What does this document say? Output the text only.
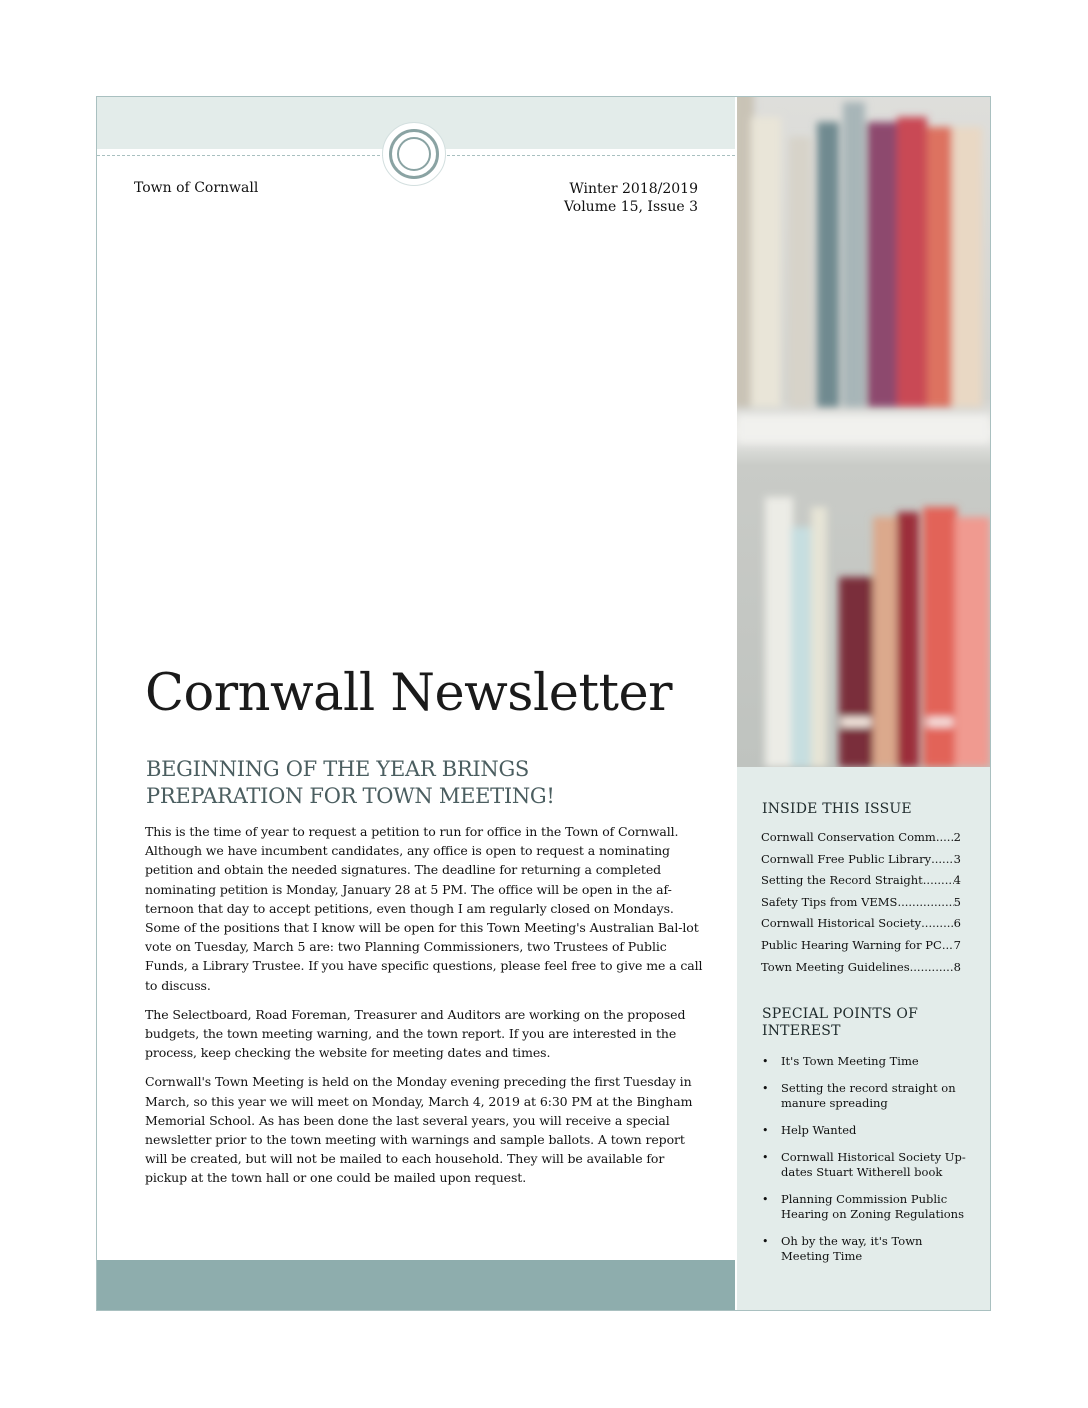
Town of Cornwall	Winter 2018/2019
Volume 15, Issue 3
Cornwall Newsletter
BEGINNING OF THE YEAR BRINGS
PREPARATION FOR TOWN MEETING!

This is the time of year to request a petition to run for office in the Town of Cornwall. Although we have incumbent candidates, any office is open to request a nominating petition and obtain the needed signatures. The deadline for returning a completed nominating petition is Monday, January 28 at 5 PM. The office will be open in the af-ternoon that day to accept petitions, even though I am regularly closed on Mondays. Some of the positions that I know will be open for this Town Meeting's Australian Bal-lot vote on Tuesday, March 5 are: two Planning Commissioners, two Trustees of Public Funds, a Library Trustee. If you have specific questions, please feel free to give me a call to discuss.

The Selectboard, Road Foreman, Treasurer and Auditors are working on the proposed budgets, the town meeting warning, and the town report. If you are interested in the process, keep checking the website for meeting dates and times.

Cornwall's Town Meeting is held on the Monday evening preceding the first Tuesday in March, so this year we will meet on Monday, March 4, 2019 at 6:30 PM at the Bingham Memorial School. As has been done the last several years, you will receive a special newsletter prior to the town meeting with warnings and sample ballots. A town report will be created, but will not be mailed to each household. They will be available for pickup at the town hall or one could be mailed upon request.

INSIDE THIS ISSUE
Cornwall Conservation Comm ..... 2
Cornwall Free Public Library ..... 3
Setting the Record Straight .....	4
Safety Tips from VEMS .....	5
Cornwall Historical Society .....	6
Public Hearing Warning for PC ..... 7
Town Meeting Guidelines .....	8
SPECIAL POINTS OF
INTEREST
• It's Town Meeting Time
• Setting the record straight on manure spreading
• Help Wanted
• Cornwall Historical Society Up-dates Stuart Witherell book
• Planning Commission Public Hearing on Zoning Regulations
• Oh by the way, it's Town Meeting Time
